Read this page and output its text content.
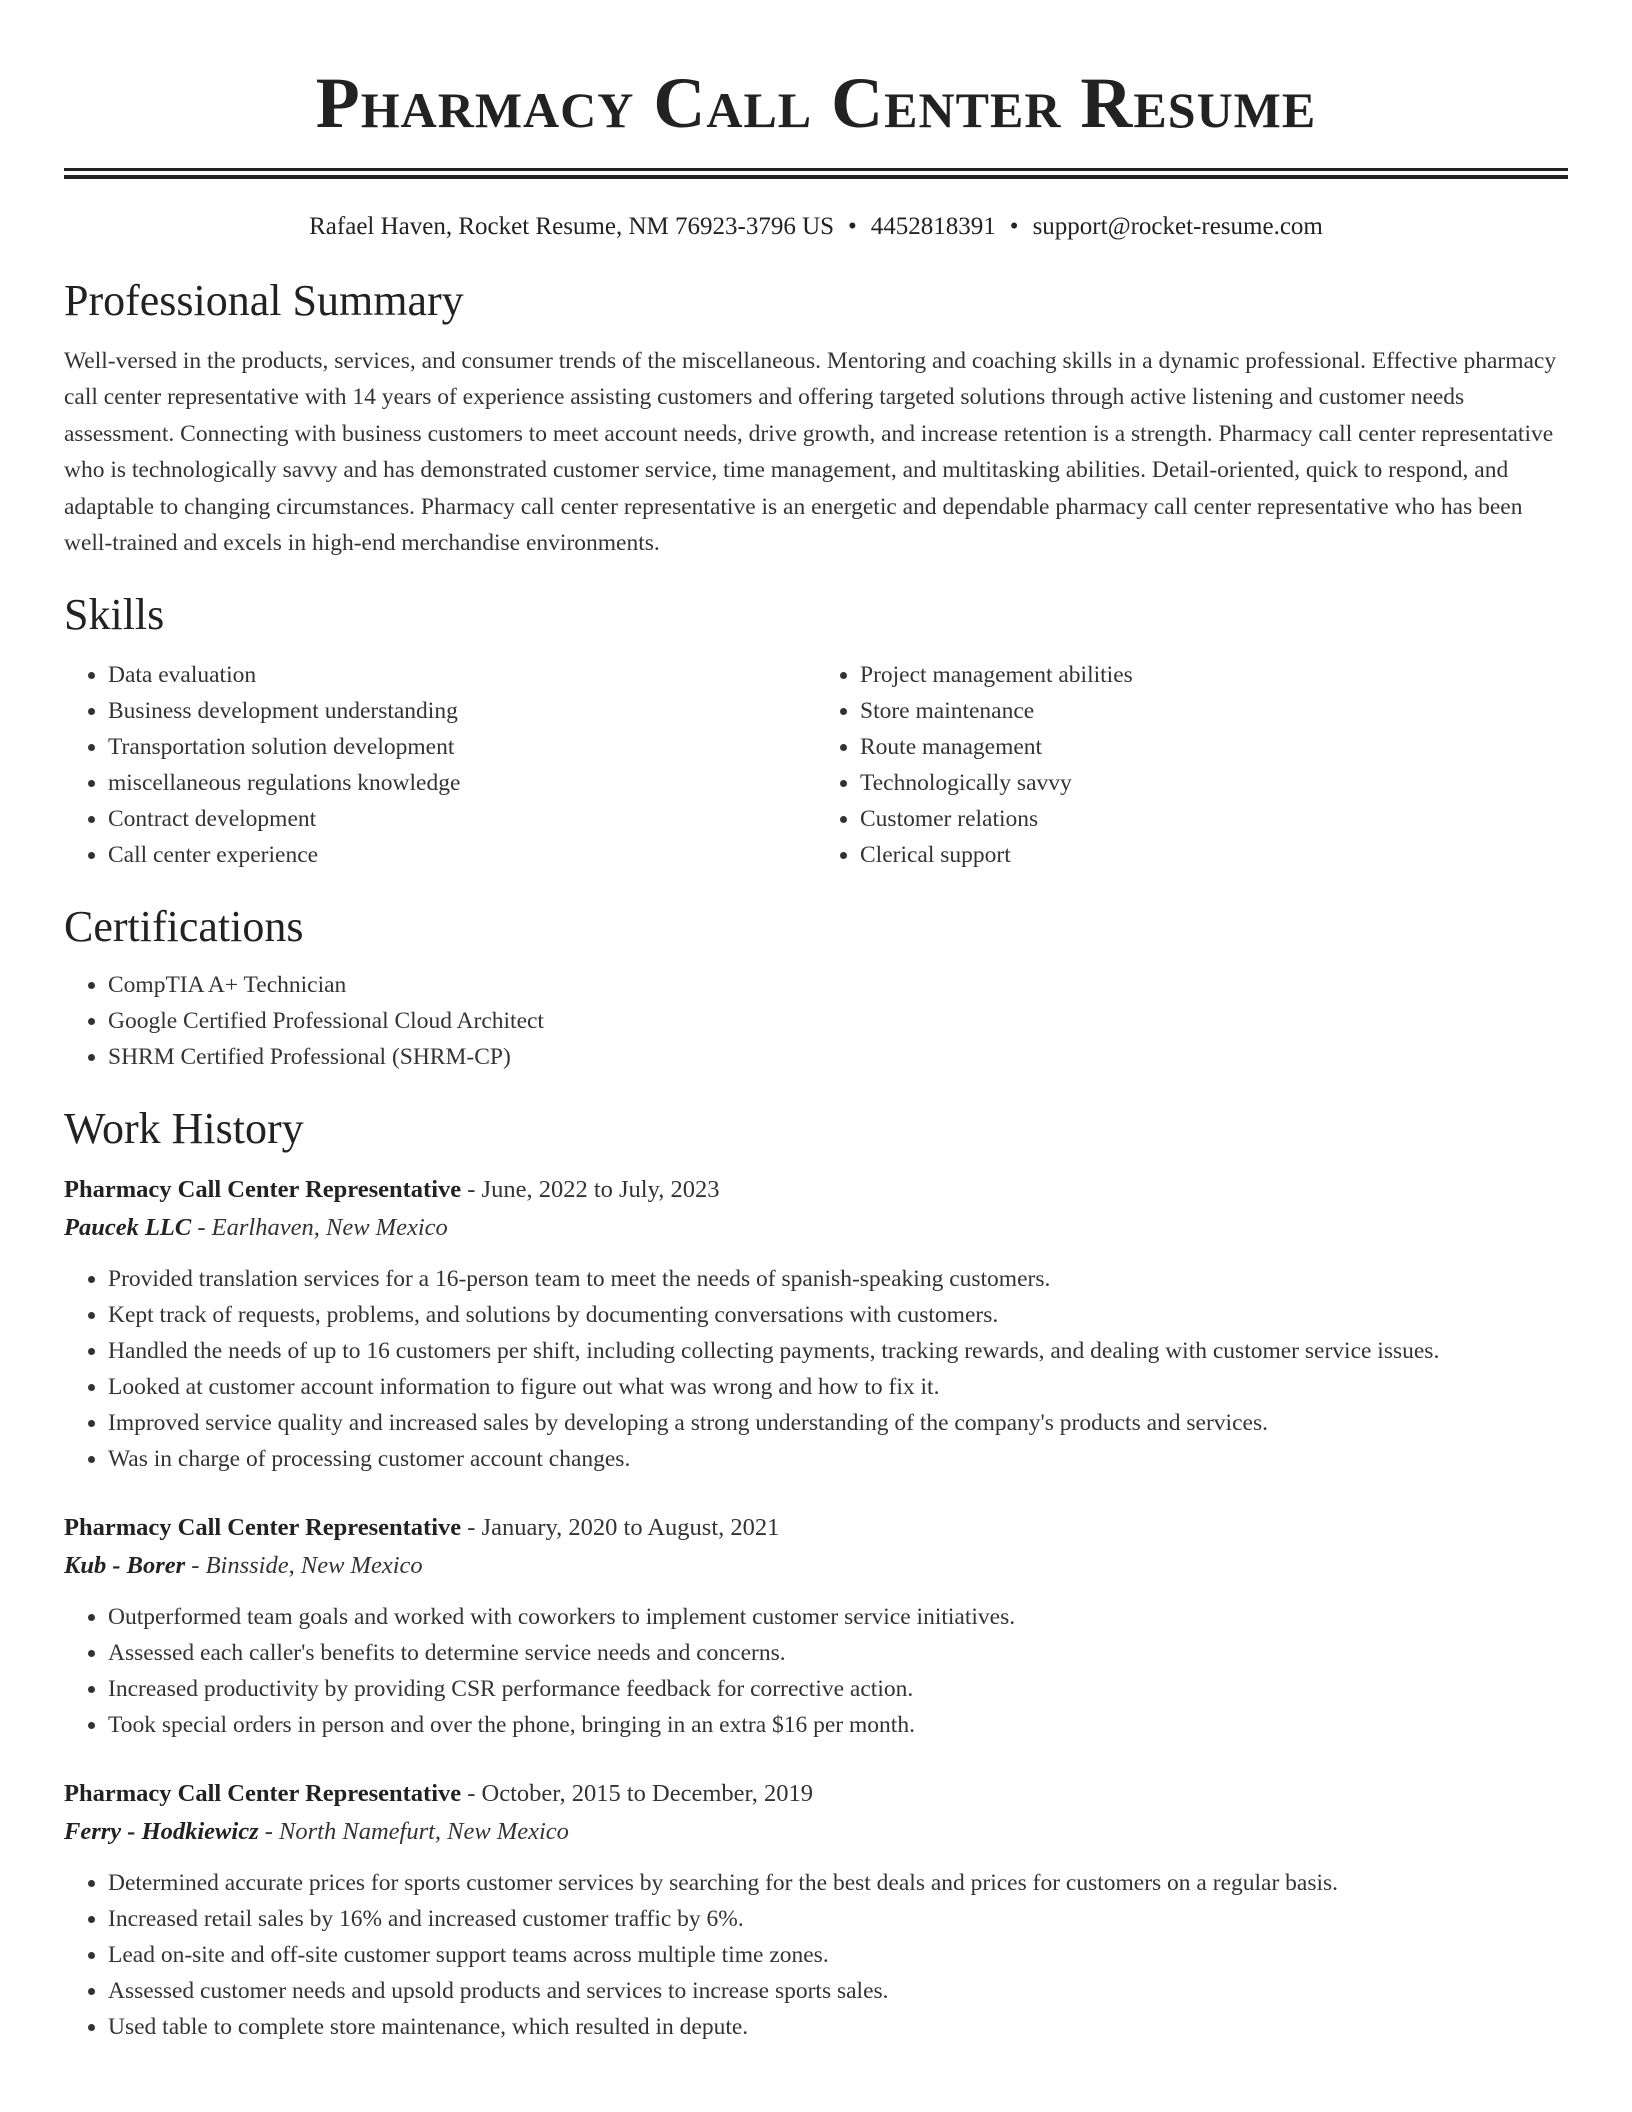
Pharmacy Call Center Resume
Rafael Haven, Rocket Resume, NM 76923-3796 US • 4452818391 • support@rocket-resume.com
Professional Summary

Well-versed in the products, services, and consumer trends of the miscellaneous. Mentoring and coaching skills in a dynamic professional. Effective pharmacy call center representative with 14 years of experience assisting customers and offering targeted solutions through active listening and customer needs assessment. Connecting with business customers to meet account needs, drive growth, and increase retention is a strength. Pharmacy call center representative who is technologically savvy and has demonstrated customer service, time management, and multitasking abilities. Detail-oriented, quick to respond, and adaptable to changing circumstances. Pharmacy call center representative is an energetic and dependable pharmacy call center representative who has been well-trained and excels in high-end merchandise environments.

Skills
• Data evaluation
• Business development understanding
• Transportation solution development
• miscellaneous regulations knowledge
• Contract development
• Call center experience
• Project management abilities
• Store maintenance
• Route management
• Technologically savvy
• Customer relations
• Clerical support
Certifications
• CompTIA A+ Technician
• Google Certified Professional Cloud Architect
• SHRM Certified Professional (SHRM-CP)
Work History
Pharmacy Call Center Representative - June, 2022 to July, 2023
Paucek LLC - Earlhaven, New Mexico
• Provided translation services for a 16-person team to meet the needs of spanish-speaking customers.
• Kept track of requests, problems, and solutions by documenting conversations with customers.
• Handled the needs of up to 16 customers per shift, including collecting payments, tracking rewards, and dealing with customer service issues.
• Looked at customer account information to figure out what was wrong and how to fix it.
• Improved service quality and increased sales by developing a strong understanding of the company's products and services.
• Was in charge of processing customer account changes.
Pharmacy Call Center Representative - January, 2020 to August, 2021
Kub - Borer - Binsside, New Mexico
• Outperformed team goals and worked with coworkers to implement customer service initiatives.
• Assessed each caller's benefits to determine service needs and concerns.
• Increased productivity by providing CSR performance feedback for corrective action.
• Took special orders in person and over the phone, bringing in an extra $16 per month.
Pharmacy Call Center Representative - October, 2015 to December, 2019
Ferry - Hodkiewicz - North Namefurt, New Mexico
• Determined accurate prices for sports customer services by searching for the best deals and prices for customers on a regular basis.
• Increased retail sales by 16% and increased customer traffic by 6%.
• Lead on-site and off-site customer support teams across multiple time zones.
• Assessed customer needs and upsold products and services to increase sports sales.
• Used table to complete store maintenance, which resulted in depute.
